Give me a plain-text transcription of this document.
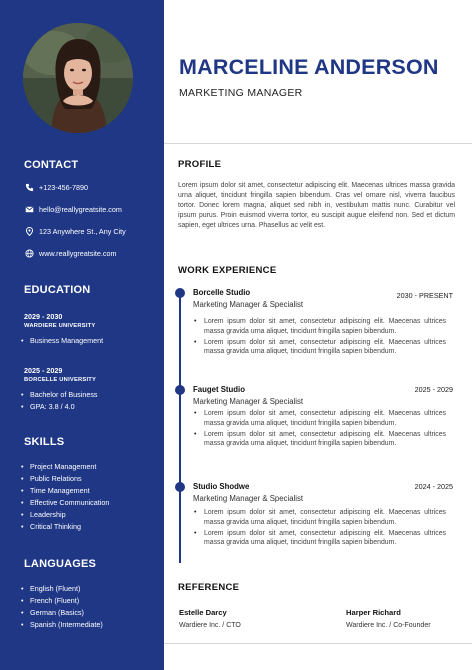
CONTACT
+123-456-7890
hello@reallygreatsite.com
123 Anywhere St., Any City
www.reallygreatsite.com
EDUCATION
2029 - 2030
WARDIERE UNIVERSITY
• Business Management
2025 - 2029
BORCELLE UNIVERSITY
• Bachelor of Business
• GPA: 3.8 / 4.0
SKILLS
• Project Management
• Public Relations
• Time Management
• Effective Communication
• Leadership
• Critical Thinking
LANGUAGES
• English (Fluent)
• French (Fluent)
• German (Basics)
• Spanish (Intermediate)
MARCELINE ANDERSON
MARKETING MANAGER
PROFILE
Lorem ipsum dolor sit amet, consectetur adipiscing elit. Maecenas ultrices massa gravida urna aliquet, tincidunt fringilla sapien bibendum. Cras vel ornare nisl, viverra faucibus tortor. Donec lorem magna, aliquet sed nibh in, vestibulum mattis nunc. Curabitur vel ipsum purus. Proin euismod viverra tortor, eu suscipit augue eleifend non. Sed et dictum sapien, eget ultrices urna. Phasellus ac velit est.
WORK EXPERIENCE
Borcelle Studio	2030 - PRESENT
Marketing Manager & Specialist
• Lorem ipsum dolor sit amet, consectetur adipiscing elit. Maecenas ultrices massa gravida urna aliquet, tincidunt fringilla sapien bibendum.
• Lorem ipsum dolor sit amet, consectetur adipiscing elit. Maecenas ultrices massa gravida urna aliquet, tincidunt fringilla sapien bibendum.
Fauget Studio	2025 - 2029
Marketing Manager & Specialist
• Lorem ipsum dolor sit amet, consectetur adipiscing elit. Maecenas ultrices massa gravida urna aliquet, tincidunt fringilla sapien bibendum.
• Lorem ipsum dolor sit amet, consectetur adipiscing elit. Maecenas ultrices massa gravida urna aliquet, tincidunt fringilla sapien bibendum.
Studio Shodwe	2024 - 2025
Marketing Manager & Specialist
• Lorem ipsum dolor sit amet, consectetur adipiscing elit. Maecenas ultrices massa gravida urna aliquet, tincidunt fringilla sapien bibendum.
• Lorem ipsum dolor sit amet, consectetur adipiscing elit. Maecenas ultrices massa gravida urna aliquet, tincidunt fringilla sapien bibendum.
REFERENCE
Estelle Darcy
Wardiere Inc. / CTO
Harper Richard
Wardiere Inc. / Co-Founder
